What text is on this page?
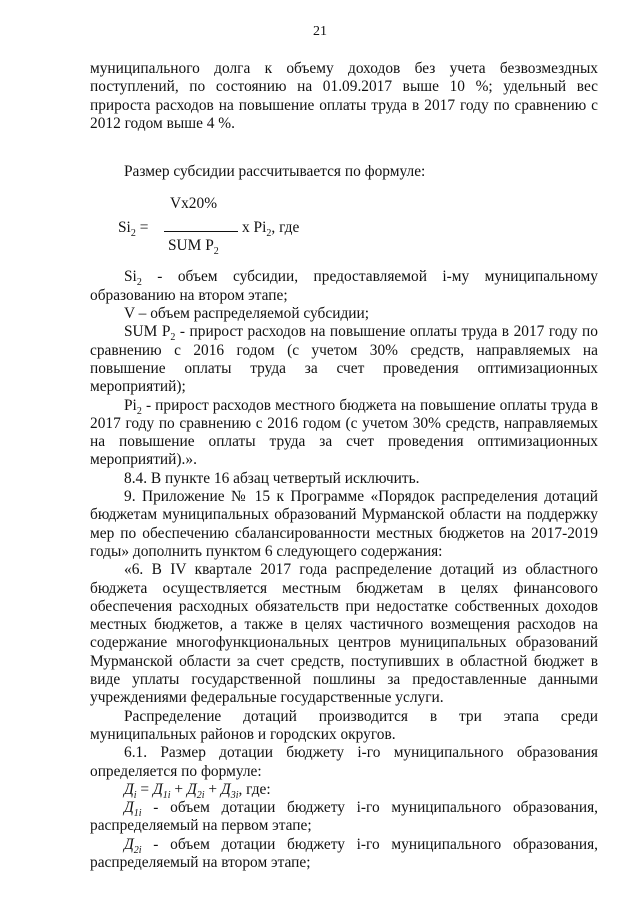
21

муниципального долга к объему доходов без учета безвозмездных поступлений, по состоянию на 01.09.2017 выше 10 %; удельный вес прироста расходов на повышение оплаты труда в 2017 году по сравнению с 2012 годом выше 4 %.

Размер субсидии рассчитывается по формуле:

Vx20%
$Si_2$ =	x $Pi_2$, где
SUM $P_2$

$Si_2$ - объем субсидии, предоставляемой i-му муниципальному образованию на втором этапе;

V – объем распределяемой субсидии;

SUM $P_2$ - прирост расходов на повышение оплаты труда в 2017 году по сравнению с 2016 годом (с учетом 30% средств, направляемых на повышение оплаты труда за счет проведения оптимизационных мероприятий);

$Pi_2$ - прирост расходов местного бюджета на повышение оплаты труда в 2017 году по сравнению с 2016 годом (с учетом 30% средств, направляемых на повышение оплаты труда за счет проведения оптимизационных мероприятий).».

8.4. В пункте 16 абзац четвертый исключить.

9. Приложение № 15 к Программе «Порядок распределения дотаций бюджетам муниципальных образований Мурманской области на поддержку мер по обеспечению сбалансированности местных бюджетов на 2017-2019 годы» дополнить пунктом 6 следующего содержания:

«6. В IV квартале 2017 года распределение дотаций из областного бюджета осуществляется местным бюджетам в целях финансового обеспечения расходных обязательств при недостатке собственных доходов местных бюджетов, а также в целях частичного возмещения расходов на содержание многофункциональных центров муниципальных образований Мурманской области за счет средств, поступивших в областной бюджет в виде уплаты государственной пошлины за предоставленные данными учреждениями федеральные государственные услуги.

Распределение дотаций производится в три этапа среди муниципальных районов и городских округов.

6.1. Размер дотации бюджету i-го муниципального образования определяется по формуле:

$Д_i = Д_{1i} + Д_{2i} + Д_{3i}$, где:

$Д_{1i}$ - объем дотации бюджету i-го муниципального образования, распределяемый на первом этапе;

$Д_{2i}$ - объем дотации бюджету i-го муниципального образования, распределяемый на втором этапе;
